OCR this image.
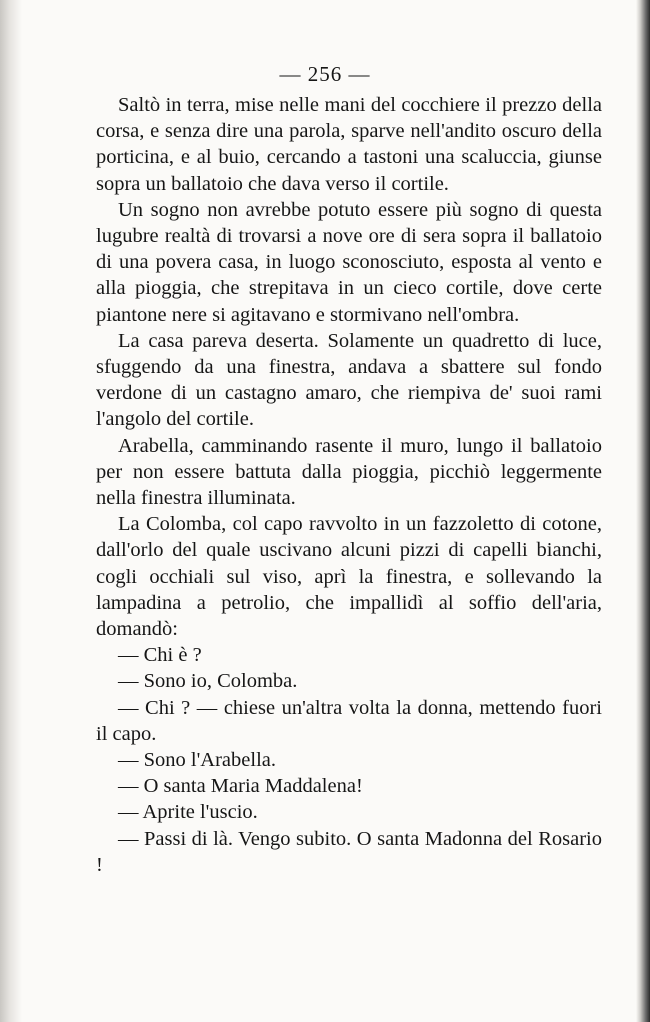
— 256 —

Saltò in terra, mise nelle mani del cocchiere il prezzo della corsa, e senza dire una parola, sparve nell'andito oscuro della porticina, e al buio, cercando a tastoni una scaluccia, giunse sopra un ballatoio che dava verso il cortile.

Un sogno non avrebbe potuto essere più sogno di questa lugubre realtà di trovarsi a nove ore di sera sopra il ballatoio di una povera casa, in luogo sconosciuto, esposta al vento e alla pioggia, che strepitava in un cieco cortile, dove certe piantone nere si agitavano e stormivano nell'ombra.

La casa pareva deserta. Solamente un quadretto di luce, sfuggendo da una finestra, andava a sbattere sul fondo verdone di un castagno amaro, che riempiva de' suoi rami l'angolo del cortile.

Arabella, camminando rasente il muro, lungo il ballatoio per non essere battuta dalla pioggia, picchiò leggermente nella finestra illuminata.

La Colomba, col capo ravvolto in un fazzoletto di cotone, dall'orlo del quale uscivano alcuni pizzi di capelli bianchi, cogli occhiali sul viso, aprì la finestra, e sollevando la lampadina a petrolio, che impallidì al soffio dell'aria, domandò:

— Chi è ?

— Sono io, Colomba.

— Chi ? — chiese un'altra volta la donna, mettendo fuori il capo.

— Sono l'Arabella.

— O santa Maria Maddalena!

— Aprite l'uscio.

— Passi di là. Vengo subito. O santa Madonna del Rosario !
